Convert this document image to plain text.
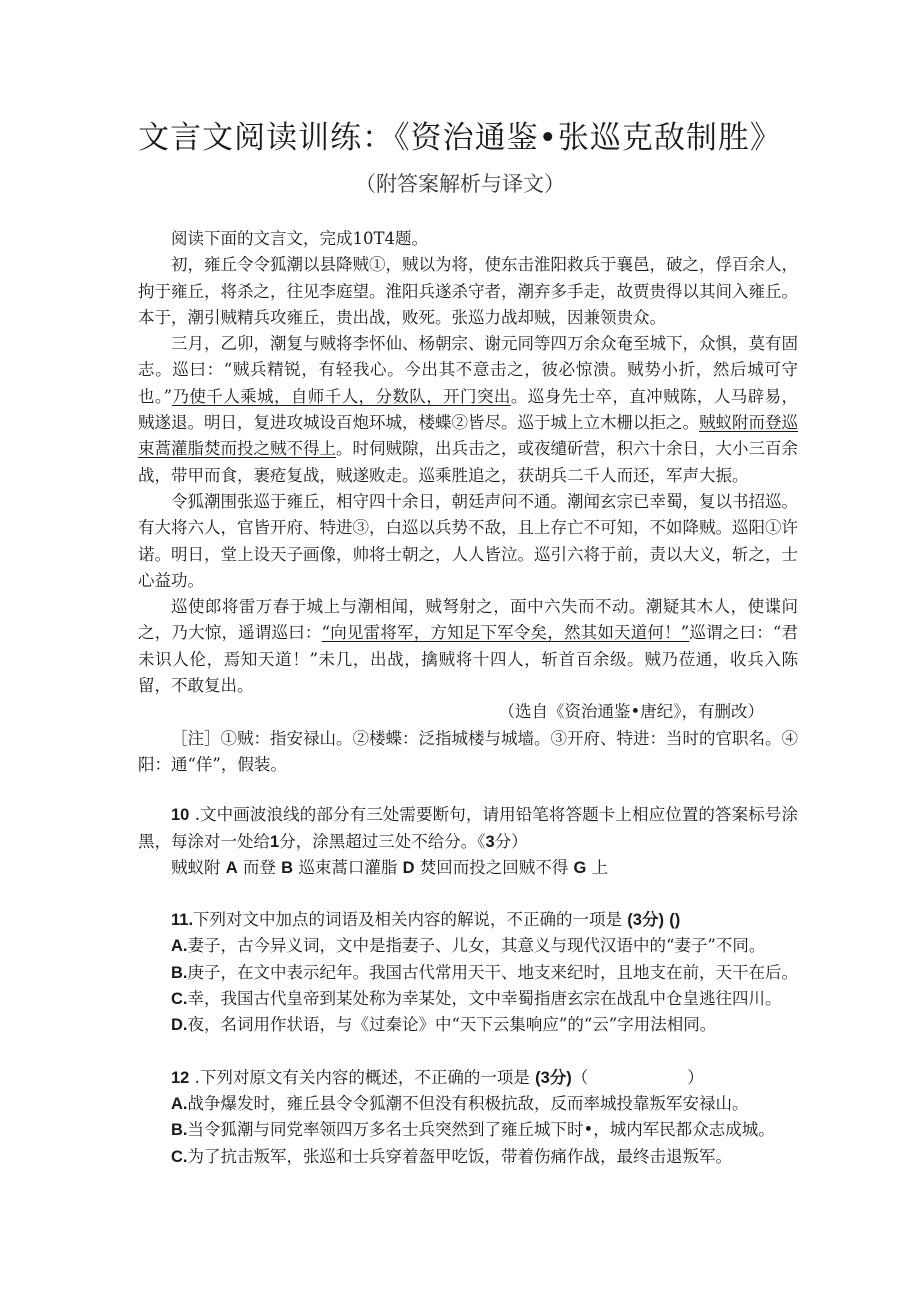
文言文阅读训练：《资治通鉴•张巡克敌制胜》
（附答案解析与译文）

阅读下面的文言文，完成10T4题。

初，雍丘令令狐潮以县降贼①，贼以为将，使东击淮阳救兵于襄邑，破之，俘百余人，拘于雍丘，将杀之，往见李庭望。淮阳兵遂杀守者，潮弃多手走，故贾贵得以其间入雍丘。本于，潮引贼精兵攻雍丘，贵出战，败死。张巡力战却贼，因兼领贵众。

三月，乙卯，潮复与贼将李怀仙、杨朝宗、谢元同等四万余众奄至城下，众惧，莫有固志。巡曰：“贼兵精锐，有轻我心。今出其不意击之，彼必惊溃。贼势小折，然后城可守也。”乃使千人乘城，自师千人，分数队，开门突出。巡身先士卒，直冲贼陈，人马辟易，贼遂退。明日，复进攻城设百炮环城，楼蝶②皆尽。巡于城上立木栅以拒之。贼蚁附而登巡束蒿灌脂焚而投之贼不得上。时伺贼隙，出兵击之，或夜缱斫营，积六十余日，大小三百余战，带甲而食，裹疮复战，贼遂败走。巡乘胜追之，获胡兵二千人而还，军声大振。

令狐潮围张巡于雍丘，相守四十余日，朝廷声问不通。潮闻玄宗已幸蜀，复以书招巡。有大将六人，官皆开府、特进③，白巡以兵势不敌，且上存亡不可知，不如降贼。巡阳①许诺。明日，堂上设天子画像，帅将士朝之，人人皆泣。巡引六将于前，责以大义，斩之，士心益功。

巡使郎将雷万春于城上与潮相闻，贼弩射之，面中六失而不动。潮疑其木人，使谍问之，乃大惊，遥谓巡曰：“向见雷将军，方知足下军令矣，然其如天道何！”巡谓之曰：“君未识人伦，焉知天道！”未几，出战，擒贼将十四人，斩首百余级。贼乃莅通，收兵入陈留，不敢复出。

（选自《资治通鉴•唐纪》，有删改）

［注］①贼：指安禄山。②楼蝶：泛指城楼与城墙。③开府、特进：当时的官职名。④阳：通“佯”，假装。

10 .文中画波浪线的部分有三处需要断句，请用铅笔将答题卡上相应位置的答案标号涂黑，每涂对一处给1分，涂黑超过三处不给分。《3分）

贼蚁附 A 而登 B 巡束蒿口灌脂 D 焚回而投之回贼不得 G 上

11.下列对文中加点的词语及相关内容的解说，不正确的一项是 (3分) ()

A.妻子，古今异义词，文中是指妻子、儿女，其意义与现代汉语中的“妻子”不同。

B.庚子，在文中表示纪年。我国古代常用天干、地支来纪时，且地支在前，天干在后。

C.幸，我国古代皇帝到某处称为幸某处，文中幸蜀指唐玄宗在战乱中仓皇逃往四川。

D.夜，名词用作状语，与《过秦论》中“天下云集响应”的“云”字用法相同。

12 .下列对原文有关内容的概述，不正确的一项是 (3分)（　　　　　　）

A.战争爆发时，雍丘县令令狐潮不但没有积极抗敌，反而率城投靠叛军安禄山。

B.当令狐潮与同党率领四万多名士兵突然到了雍丘城下时•，城内军民都众志成城。

C.为了抗击叛军，张巡和士兵穿着盔甲吃饭，带着伤痛作战，最终击退叛军。
